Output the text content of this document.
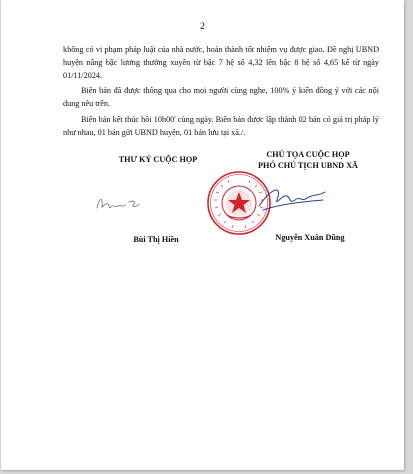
2

không có vi phạm pháp luật của nhà nước, hoàn thành tốt nhiệm vụ được giao. Đề nghị UBND huyện nâng bậc lương thường xuyên từ bậc 7 hệ số 4,32 lên bậc 8 hệ số 4,65 kể từ ngày 01/11/2024.

Biên bản đã được thông qua cho mọi người cùng nghe, 100% ý kiến đồng ý với các nội dung nêu trên.

Biên bản kết thúc hồi 10h00' cùng ngày. Biên bản được lập thành 02 bản có giá trị pháp lý như nhau, 01 bản gửi UBND huyện, 01 bản lưu tại xã./.

THƯ KÝ CUỘC HỌP
Bùi Thị Hiền
CHỦ TỌA CUỘC HỌP
PHÓ CHỦ TỊCH UBND XÃ
Nguyễn Xuân Dũng
